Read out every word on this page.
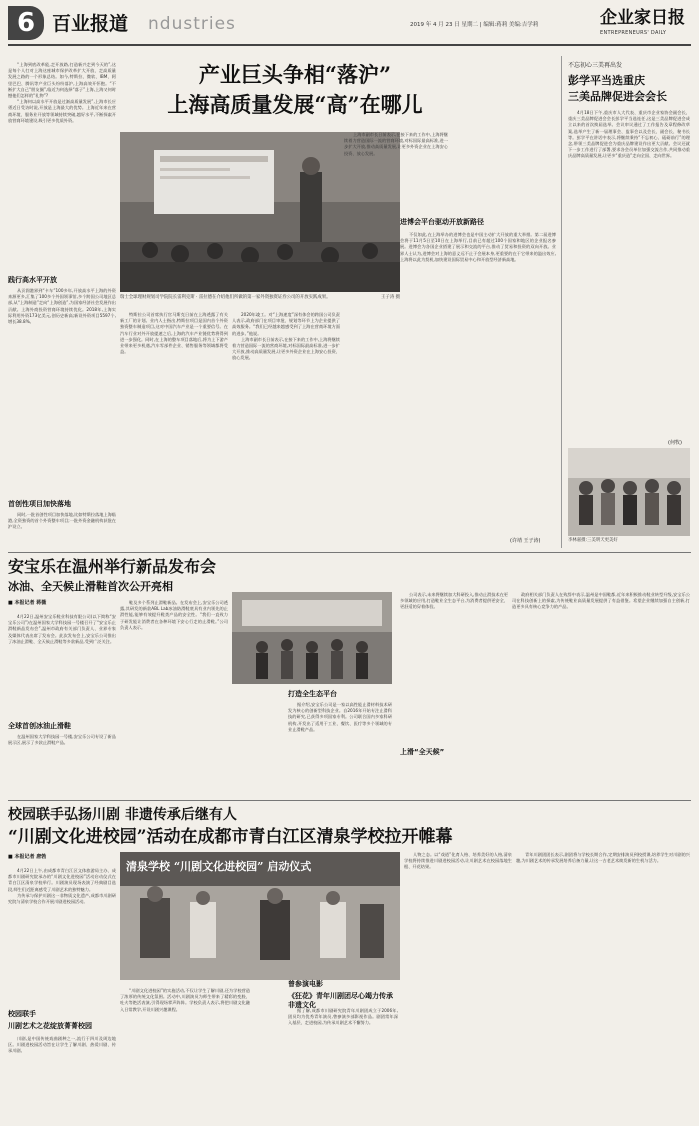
6 百业报道 ndustries	2019 年 4 月 23 日 星期二 | 编辑:蒋莉 美编:吉学莉	企业家日报
ENTREPRENEURS' DAILY
产业巨头争相“落沪”
上海高质量发展“高”在哪儿

“上海到底改革能,走开放路,打造新兴走到今天的”,这是每个人打对上海这座城市保护改革扩大开放、走高质量发展之路的一个形象总结。如今,特斯拉、微软、IBM、阿里巴巴、腾讯等产业巨头纷纷落沪,上海高效开怀抱。“不断扩大自己“朋友圈”,临近为何选择“落子”上海,上海又何时憾他们怎样的“礼物”?

“上海何以高水平开放是过渐高质量发展”,上海市长应勇近日受访时说,开放是上海最大的优势。上海近年来在营商环境、服务业开放等领域持续突破,越好水平,不断探索开放营商环境建设,吸引更多优质外资。

践行高水平开放

从贡润港界到“卡车”100多年,开放高水平上海的外资来源更多,汇集了100多个外国领事馆,多个跨国公司地区总部,从“上海制造”走向“上海创造”,为国家经济社会发展作出贡献。上海外商投资营商环境持续优化。2018年,上海实际利用外资173亿美元,创历史新高;新设外资项目5597个,增长38.8%。

首创性项目加快落地

同时,一批首创性项目加快落地,比如特斯拉落地上海临港,全资独资的首个外资整车项目;一批外资金融机构获批在沪设立。

瑞士全球理财规划司学院院长雷利克斯 · 雷拉德在介绍他们所做的第一家外资独资证券公司的开放实践成果。	王子涛 摄

特斯拉公司首席执行官马斯克日前在上海透露了有关新工厂的计划。业内人士指出,特斯拉项目是国内首个外资独资整车制造项目,这对中国汽车产业是一个重要信号。在汽车行业对外开放提速之后,上海的汽车产业链优势将得到进一步强化。同时,在上海的整车项目落地后,将为上下游产业带来更多机遇,汽车零部件企业、销售服务等领域都将受益。

2020年竣工。对“上海速度”深有体会的跨国公司负责人表示,政府部门在项目审批、规划等环节上为企业提供了高效服务。“我们已经越来越感受到了上海在营商环境方面的进步。”他说。

上海市副市长日前表示,在接下来的工作中,上海将继续着力营造国际一流的营商环境,对标国际最高标准,进一步扩大开放,推动高质量发展,让更多外资企业在上海安心投资、放心发展。

上海市副市长日前表示,在接下来的工作中,上海将继续着力营造国际一流的营商环境,对标国际最高标准,进一步扩大开放,推动高质量发展,让更多外资企业在上海安心投资、放心发展。

进博会平台驱动开放新路径

不仅如此,在上海举办的进博会也是中国主动扩大开放的重大举措。第二届进博会将于11月5日至10日在上海举行,目前已有超过100个国家和地区的企业报名参展。进博会为各国企业搭建了展示和交流的平台,推动了贸易和投资的双向开放。业界人士认为,进博会对上海的意义远不止于会展本身,更重要的在于它带来的溢出效应,上海将以此为契机,加快建设国际贸易中心和开放型经济新高地。

(许靖 王子涛)
不忘初心三美再出发
彭学平当选重庆
三美品牌促进会会长

4月18日下午,重庆市人大代表、重庆市企业家协会副会长、重庆三美品牌促进会会长彭学平当选连任,这是三美品牌促进会成立以来的首次换届选举。会议审议通过了工作报告及章程修改草案,选举产生了新一届理事会、监事会以及会长、副会长、秘书长等。彭学平在讲话中表示,将继续秉持“不忘初心、砥砺前行”的理念,带领三美品牌促进会为重庆品牌建设作出更大贡献。会议还就下一步工作进行了部署,要求各会员单位加强交流合作,共同推动重庆品牌高质量发展,让更多“重庆造”走向全国、走向世界。

(何牧)
李林嘉摄:三美明天更美好
安宝乐在温州举行新品发布会
冰油、全天候止滑鞋首次公开亮相
■ 本报记者 蒋薇

4月22日,温州安宝乐鞋业科技有限公司(以下简称“安宝乐公司”)在温州国家大学科技园一号楼召开了“安宝乐止滑鞋新品发布会”,温州市政府有关部门负责人、业界专家及媒体代表出席了发布会。此次发布会上,安宝乐公司推出了冰油止滑鞋、全天候止滑鞋等多款新品,受到广泛关注。

全球首创冰油止滑鞋

在温州国家大学科技园一号楼,安宝乐公司专设了新品展示区,展示了多款止滑鞋产品。

鞋及多个系列止滑鞋新品。在发布会上,安宝乐公司透露,其研发的新款ABL Lab冰油防滑鞋底具有业内领先的止滑性能,能够有效提升鞋类产品的安全性。“我们一直致力于研发能让消费者在各种环境下安心行走的止滑鞋。”公司负责人表示。

打造全生态平台

据介绍,安宝乐公司是一家以高性能止滑材料技术研发为核心的创新型科技企业。自2016年开始专注止滑科技的研究,已获得多项国家专利。公司联合国内多家科研机构,开发出了适用于工业、餐饮、医疗等多个领域的专业止滑鞋产品。

公司表示,未来将继续加大科研投入,推动止滑技术在更多领域的应用,打造鞋业全生态平台,为消费者提供更安全、更舒适的穿着体验。

上滑“全天候”

政府相关部门负责人在致辞中表示,温州是中国鞋都,近年来积极推动鞋业转型升级,安宝乐公司在科技创新上的探索,为传统鞋业高质量发展提供了有益借鉴。希望企业继续加强自主创新,打造更多具有核心竞争力的产品。

校园联手弘扬川剧 非遗传承后继有人
“川剧文化进校园”活动在成都市青白江区清泉学校拉开帷幕
■ 本报记者 唐勃

4月22日上午,由成都市青白江区文体旅游局主办、成都市川剧研究院承办的“川剧文化进校园”活动启动仪式在青白江区清泉学校举行。川剧演员现场表演了经典剧目选段,师生们近距离感受了川剧艺术的独特魅力。

为传承与保护川剧这一非物质文化遗产,成都市川剧研究院与清泉学校合作开展川剧进校园活动。

校园联手
川剧艺术之花绽放菁菁校园

川剧,是中国传统戏曲剧种之一,流行于四川及周边地区。川剧进校园活动旨在让学生了解川剧、热爱川剧、传承川剧。

清泉学校 “川剧文化进校园” 启动仪式

“川剧文化进校园”的实施活动,不仅让学生了解川剧,还为学校营造了浓厚的传统文化氛围。活动中,川剧演员为师生带来了精彩的变脸、吐火等绝活表演,引得现场掌声阵阵。学校负责人表示,将把川剧文化融入日常教学,开设川剧兴趣课程。

曾参演电影
《狂花》青年川剧团尽心竭力传承非遗文化

据了解,成都市川剧研究院青年川剧团成立于2006年,团员均为优秀青年演员,曾参演多部影视作品。剧团常年深入基层、走进校园,为传承川剧艺术不懈努力。

人物之态。以“戏道”化育人格、培养美好的人格,清泉学校将持续推进川剧进校园活动,让川剧艺术在校园落地生根、开花结果。

青年川剧团团长表示,剧团将与学校长期合作,定期安排演员到校授课,培养学生对川剧的兴趣,为川剧艺术的传承发展培养后备力量,让这一古老艺术焕发新的生机与活力。
